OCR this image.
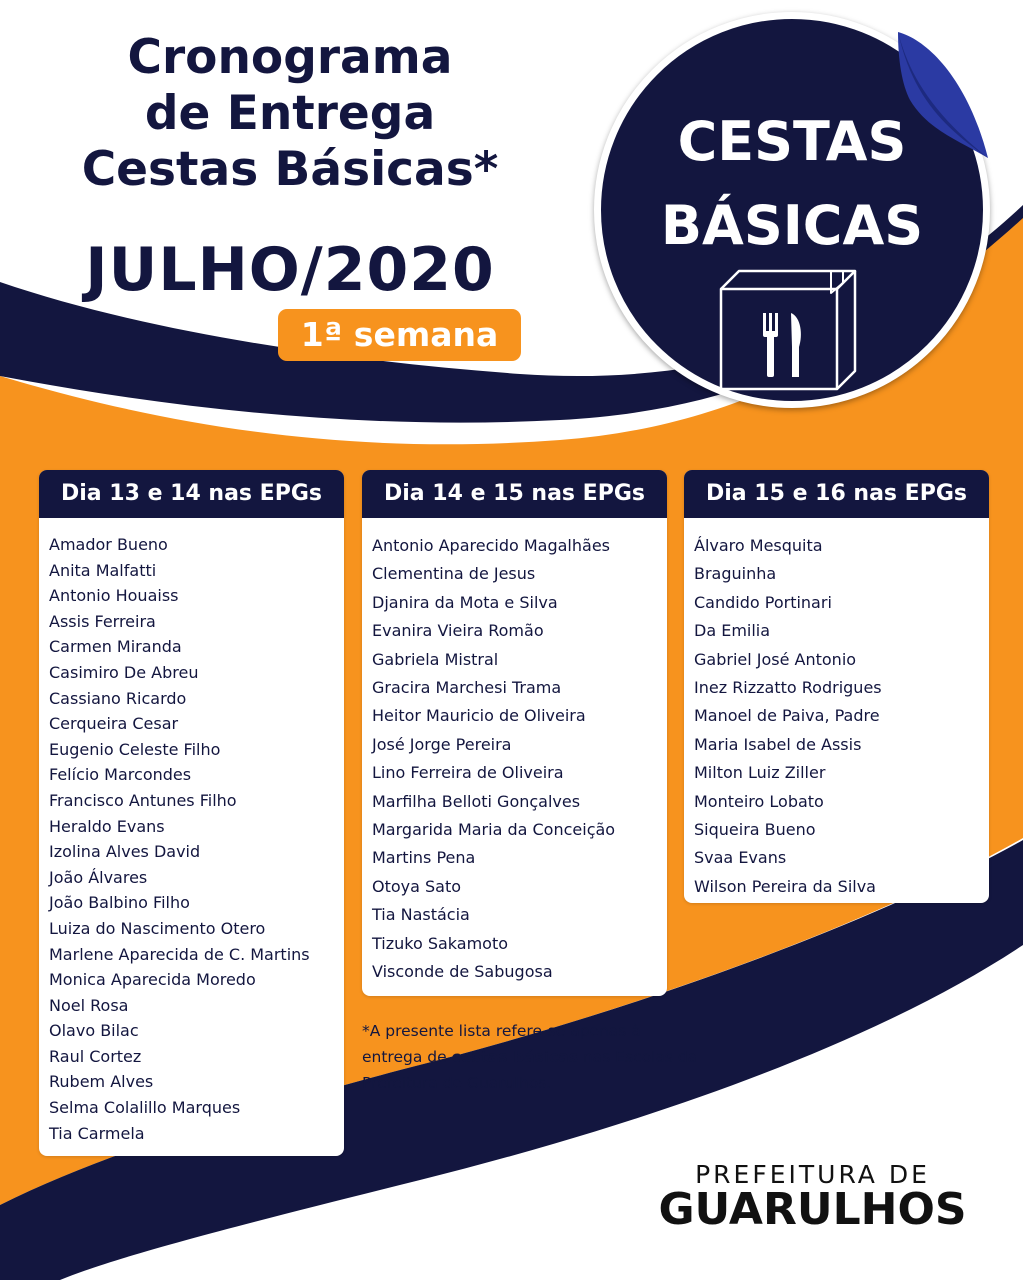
Cronograma
de Entrega
Cestas Básicas*
JULHO/2020
1ª semana
CESTAS
BÁSICAS
Dia 13 e 14 nas EPGs
Amador Bueno
Anita Malfatti
Antonio Houaiss
Assis Ferreira
Carmen Miranda
Casimiro De Abreu
Cassiano Ricardo
Cerqueira Cesar
Eugenio Celeste Filho
Felício Marcondes
Francisco Antunes Filho
Heraldo Evans
Izolina Alves David
João Álvares
João Balbino Filho
Luiza do Nascimento Otero
Marlene Aparecida de C. Martins
Monica Aparecida Moredo
Noel Rosa
Olavo Bilac
Raul Cortez
Rubem Alves
Selma Colalillo Marques
Tia Carmela
Dia 14 e 15 nas EPGs
Antonio Aparecido Magalhães
Clementina de Jesus
Djanira da Mota e Silva
Evanira Vieira Romão
Gabriela Mistral
Gracira Marchesi Trama
Heitor Mauricio de Oliveira
José Jorge Pereira
Lino Ferreira de Oliveira
Marfilha Belloti Gonçalves
Margarida Maria da Conceição
Martins Pena
Otoya Sato
Tia Nastácia
Tizuko Sakamoto
Visconde de Sabugosa
Dia 15 e 16 nas EPGs
Álvaro Mesquita
Braguinha
Candido Portinari
Da Emilia
Gabriel José Antonio
Inez Rizzatto Rodrigues
Manoel de Paiva, Padre
Maria Isabel de Assis
Milton Luiz Ziller
Monteiro Lobato
Siqueira Bueno
Svaa Evans
Wilson Pereira da Silva
*A presente lista refere-se apenas à entrega de cestas básicas nas Escolas da Prefeitura de Guarulhos.
PREFEITURA DE
GUARULHOS
